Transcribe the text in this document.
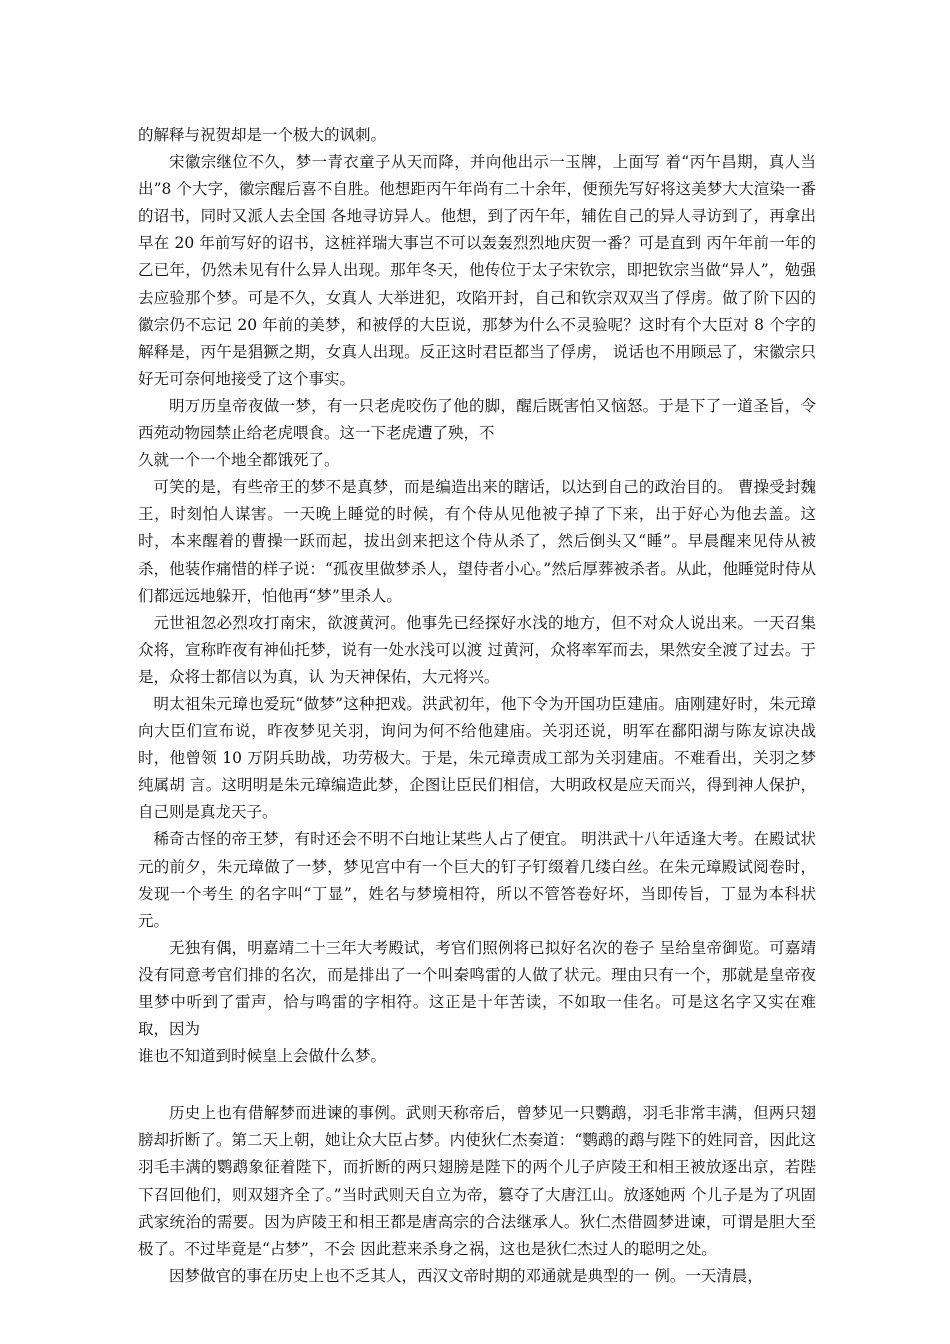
的解释与祝贺却是一个极大的讽刺。

宋徽宗继位不久，梦一青衣童子从天而降，并向他出示一玉牌，上面写 着“丙午昌期，真人当出”8 个大字，徽宗醒后喜不自胜。他想距丙午年尚有二十余年，便预先写好将这美梦大大渲染一番的诏书，同时又派人去全国 各地寻访异人。他想，到了丙午年，辅佐自己的异人寻访到了，再拿出早在 20 年前写好的诏书，这桩祥瑞大事岂不可以轰轰烈烈地庆贺一番？可是直到 丙午年前一年的乙已年，仍然未见有什么异人出现。那年冬天，他传位于太子宋钦宗，即把钦宗当做“异人”，勉强去应验那个梦。可是不久，女真人 大举进犯，攻陷开封，自己和钦宗双双当了俘虏。做了阶下囚的徽宗仍不忘记 20 年前的美梦，和被俘的大臣说，那梦为什么不灵验呢？这时有个大臣对 8 个字的解释是，丙午是猖獗之期，女真人出现。反正这时君臣都当了俘虏， 说话也不用顾忌了，宋徽宗只好无可奈何地接受了这个事实。

明万历皇帝夜做一梦，有一只老虎咬伤了他的脚，醒后既害怕又恼怒。于是下了一道圣旨，令西苑动物园禁止给老虎喂食。这一下老虎遭了殃，不

久就一个一个地全都饿死了。

可笑的是，有些帝王的梦不是真梦，而是编造出来的瞎话，以达到自己的政治目的。 曹操受封魏王，时刻怕人谋害。一天晚上睡觉的时候，有个侍从见他被子掉了下来，出于好心为他去盖。这时，本来醒着的曹操一跃而起，拔出剑来把这个侍从杀了，然后倒头又“睡”。早晨醒来见侍从被杀，他装作痛惜的样子说：“孤夜里做梦杀人，望侍者小心。”然后厚葬被杀者。从此，他睡觉时侍从们都远远地躲开，怕他再“梦”里杀人。

元世祖忽必烈攻打南宋，欲渡黄河。他事先已经探好水浅的地方，但不对众人说出来。一天召集众将，宣称昨夜有神仙托梦，说有一处水浅可以渡 过黄河，众将率军而去，果然安全渡了过去。于是，众将士都信以为真，认 为天神保佑，大元将兴。

明太祖朱元璋也爱玩“做梦”这种把戏。洪武初年，他下令为开国功臣建庙。庙刚建好时，朱元璋向大臣们宣布说，昨夜梦见关羽，询问为何不给他建庙。关羽还说，明军在鄱阳湖与陈友谅决战时，他曾领 10 万阴兵助战，功劳极大。于是，朱元璋责成工部为关羽建庙。不难看出，关羽之梦纯属胡 言。这明明是朱元璋编造此梦，企图让臣民们相信，大明政权是应天而兴，得到神人保护，自己则是真龙天子。

稀奇古怪的帝王梦，有时还会不明不白地让某些人占了便宜。 明洪武十八年适逢大考。在殿试状元的前夕，朱元璋做了一梦，梦见宫中有一个巨大的钉子钉缀着几缕白丝。在朱元璋殿试阅卷时，发现一个考生 的名字叫“丁显”，姓名与梦境相符，所以不管答卷好坏，当即传旨，丁显为本科状元。

无独有偶，明嘉靖二十三年大考殿试，考官们照例将已拟好名次的卷子 呈给皇帝御览。可嘉靖没有同意考官们排的名次，而是排出了一个叫秦鸣雷的人做了状元。理由只有一个，那就是皇帝夜里梦中听到了雷声，恰与鸣雷的字相符。这正是十年苦读，不如取一佳名。可是这名字又实在难取，因为

谁也不知道到时候皇上会做什么梦。

历史上也有借解梦而进谏的事例。武则天称帝后，曾梦见一只鹦鹉，羽毛非常丰满，但两只翅膀却折断了。第二天上朝，她让众大臣占梦。内使狄仁杰奏道：“鹦鹉的鹉与陛下的姓同音，因此这羽毛丰满的鹦鹉象征着陛下，而折断的两只翅膀是陛下的两个儿子庐陵王和相王被放逐出京，若陛下召回他们，则双翅齐全了。”当时武则天自立为帝，篡夺了大唐江山。放逐她两 个儿子是为了巩固武家统治的需要。因为庐陵王和相王都是唐高宗的合法继承人。狄仁杰借圆梦进谏，可谓是胆大至极了。不过毕竟是“占梦”，不会 因此惹来杀身之祸，这也是狄仁杰过人的聪明之处。

因梦做官的事在历史上也不乏其人，西汉文帝时期的邓通就是典型的一 例。一天清晨，
